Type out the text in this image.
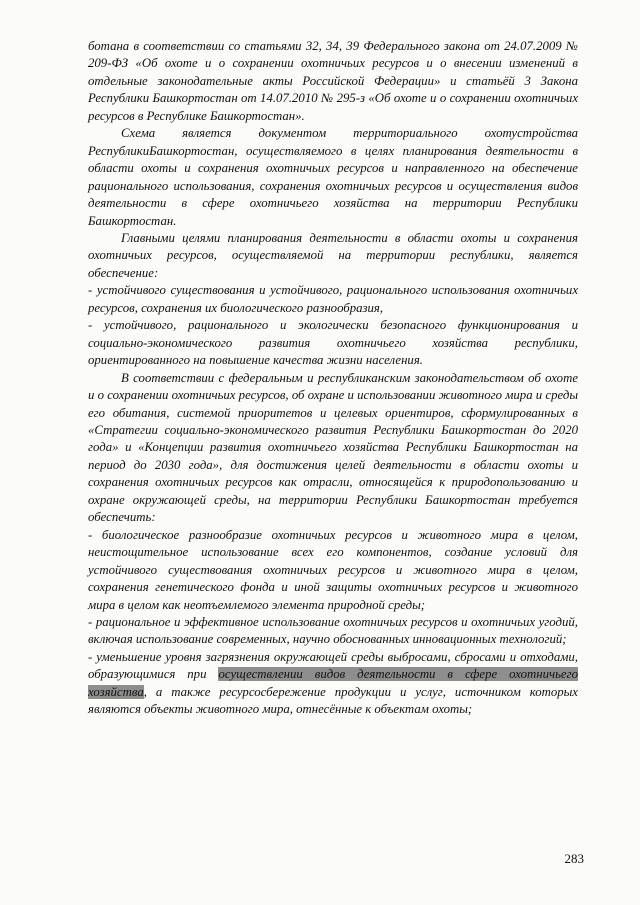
ботана в соответствии со статьями 32, 34, 39 Федерального закона от 24.07.2009 № 209-ФЗ «Об охоте и о сохранении охотничьих ресурсов и о внесении изменений в отдельные законодательные акты Российской Федерации» и статьёй 3 Закона Республики Башкортостан от 14.07.2010 № 295-з «Об охоте и о сохранении охотничьих ресурсов в Республике Башкортостан».

Схема является документом территориального охотустройства РеспубликиБашкортостан, осуществляемого в целях планирования деятельности в области охоты и сохранения охотничьих ресурсов и направленного на обеспечение рационального использования, сохранения охотничьих ресурсов и осуществления видов деятельности в сфере охотничьего хозяйства на территории Республики Башкортостан.

Главными целями планирования деятельности в области охоты и сохранения охотничьих ресурсов, осуществляемой на территории республики, является обеспечение:

- устойчивого существования и устойчивого, рационального использования охотничьих ресурсов, сохранения их биологического разнообразия,

- устойчивого, рационального и экологически безопасного функционирования и социально-экономического развития охотничьего хозяйства республики, ориентированного на повышение качества жизни населения.

В соответствии с федеральным и республиканским законодательством об охоте и о сохранении охотничьих ресурсов, об охране и использовании животного мира и среды его обитания, системой приоритетов и целевых ориентиров, сформулированных в «Стратегии социально-экономического развития Республики Башкортостан до 2020 года» и «Концепции развития охотничьего хозяйства Республики Башкортостан на период до 2030 года», для достижения целей деятельности в области охоты и сохранения охотничьих ресурсов как отрасли, относящейся к природопользованию и охране окружающей среды, на территории Республики Башкортостан требуется обеспечить:

- биологическое разнообразие охотничьих ресурсов и животного мира в целом, неистощительное использование всех его компонентов, создание условий для устойчивого существования охотничьих ресурсов и животного мира в целом, сохранения генетического фонда и иной защиты охотничьих ресурсов и животного мира в целом как неотъемлемого элемента природной среды;

- рациональное и эффективное использование охотничьих ресурсов и охотничьих угодий, включая использование современных, научно обоснованных инновационных технологий;

- уменьшение уровня загрязнения окружающей среды выбросами, сбросами и отходами, образующимися при осуществлении видов деятельности в сфере охотничьего хозяйства, а также ресурсосбережение продукции и услуг, источником которых являются объекты животного мира, отнесённые к объектам охоты;

283
